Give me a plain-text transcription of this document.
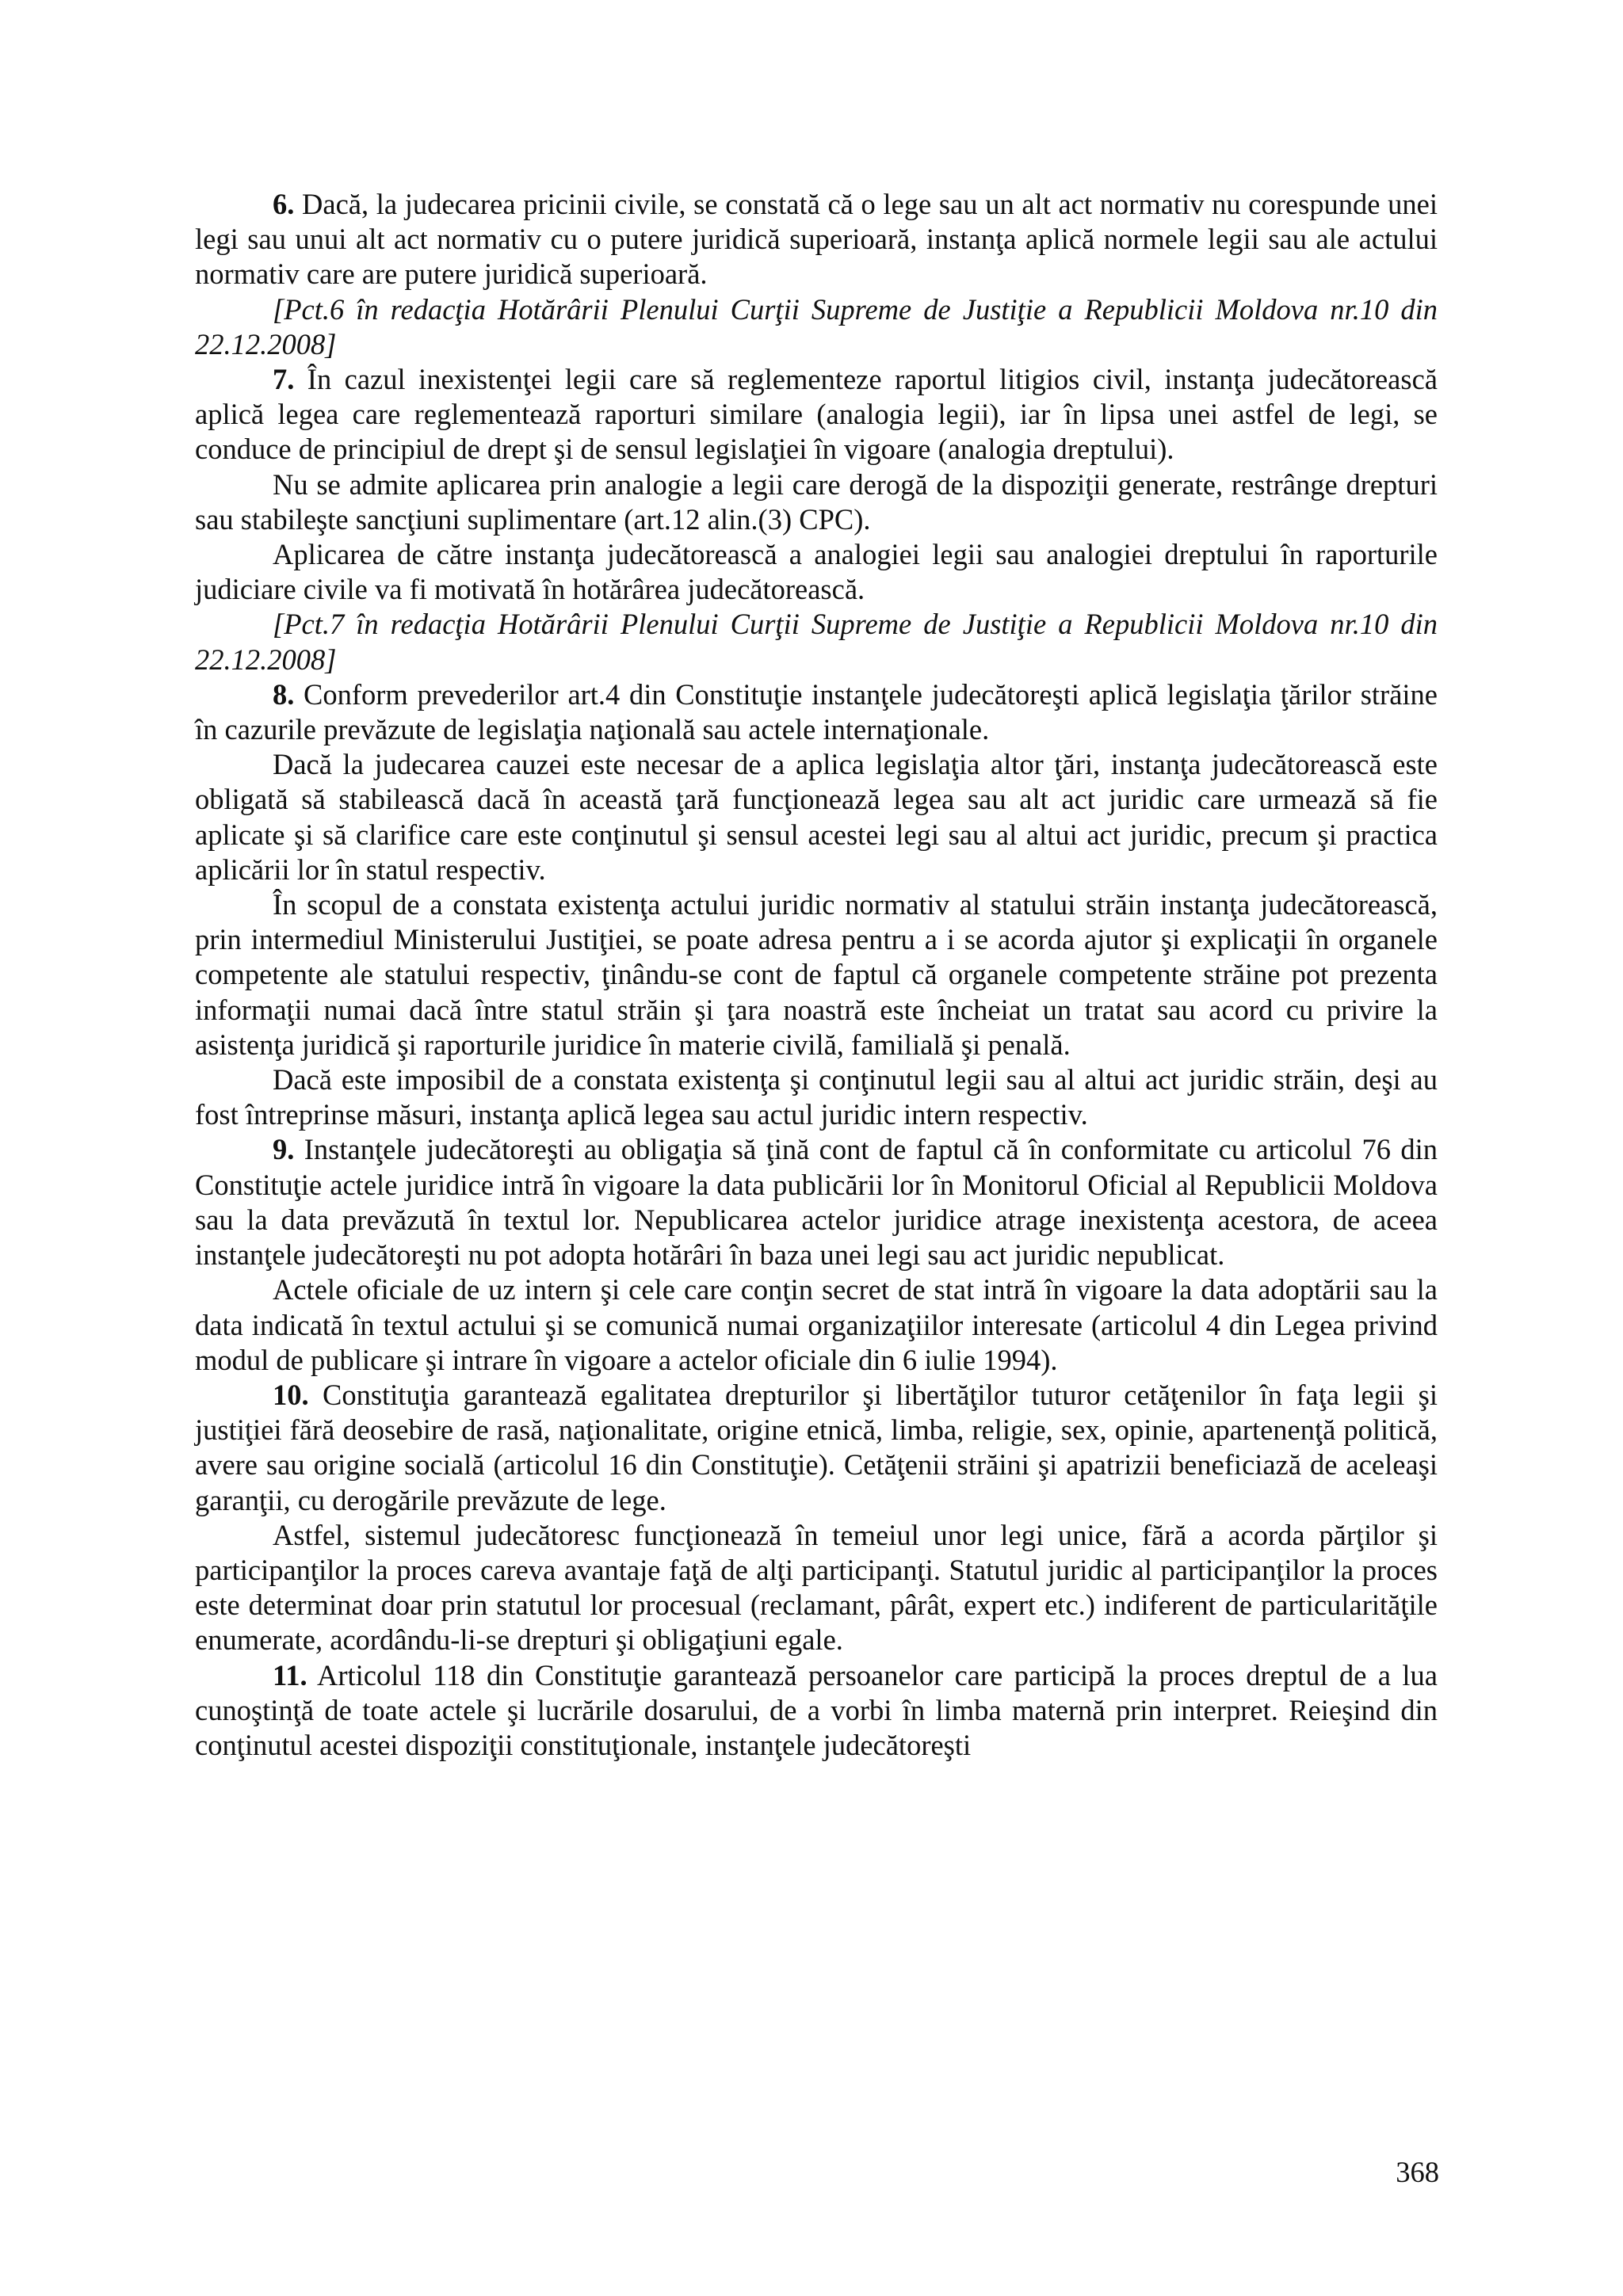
6. Dacă, la judecarea pricinii civile, se constată că o lege sau un alt act normativ nu corespunde unei legi sau unui alt act normativ cu o putere juridică superioară, instanţa aplică normele legii sau ale actului normativ care are putere juridică superioară.

[Pct.6 în redacţia Hotărârii Plenului Curţii Supreme de Justiţie a Republicii Moldova nr.10 din 22.12.2008]

7. În cazul inexistenţei legii care să reglementeze raportul litigios civil, instanţa judecătorească aplică legea care reglementează raporturi similare (analogia legii), iar în lipsa unei astfel de legi, se conduce de principiul de drept şi de sensul legislaţiei în vigoare (analogia dreptului).

Nu se admite aplicarea prin analogie a legii care derogă de la dispoziţii generate, restrânge drepturi sau stabileşte sancţiuni suplimentare (art.12 alin.(3) CPC).

Aplicarea de către instanţa judecătorească a analogiei legii sau analogiei dreptului în raporturile judiciare civile va fi motivată în hotărârea judecătorească.

[Pct.7 în redacţia Hotărârii Plenului Curţii Supreme de Justiţie a Republicii Moldova nr.10 din 22.12.2008]

8. Conform prevederilor art.4 din Constituţie instanţele judecătoreşti aplică legislaţia ţărilor străine în cazurile prevăzute de legislaţia naţională sau actele internaţionale.

Dacă la judecarea cauzei este necesar de a aplica legislaţia altor ţări, instanţa judecătorească este obligată să stabilească dacă în această ţară funcţionează legea sau alt act juridic care urmează să fie aplicate şi să clarifice care este conţinutul şi sensul acestei legi sau al altui act juridic, precum şi practica aplicării lor în statul respectiv.

În scopul de a constata existenţa actului juridic normativ al statului străin instanţa judecătorească, prin intermediul Ministerului Justiţiei, se poate adresa pentru a i se acorda ajutor şi explicaţii în organele competente ale statului respectiv, ţinându-se cont de faptul că organele competente străine pot prezenta informaţii numai dacă între statul străin şi ţara noastră este încheiat un tratat sau acord cu privire la asistenţa juridică şi raporturile juridice în materie civilă, familială şi penală.

Dacă este imposibil de a constata existenţa şi conţinutul legii sau al altui act juridic străin, deşi au fost întreprinse măsuri, instanţa aplică legea sau actul juridic intern respectiv.

9. Instanţele judecătoreşti au obligaţia să ţină cont de faptul că în conformitate cu articolul 76 din Constituţie actele juridice intră în vigoare la data publicării lor în Monitorul Oficial al Republicii Moldova sau la data prevăzută în textul lor. Nepublicarea actelor juridice atrage inexistenţa acestora, de aceea instanţele judecătoreşti nu pot adopta hotărâri în baza unei legi sau act juridic nepublicat.

Actele oficiale de uz intern şi cele care conţin secret de stat intră în vigoare la data adoptării sau la data indicată în textul actului şi se comunică numai organizaţiilor interesate (articolul 4 din Legea privind modul de publicare şi intrare în vigoare a actelor oficiale din 6 iulie 1994).

10. Constituţia garantează egalitatea drepturilor şi libertăţilor tuturor cetăţenilor în faţa legii şi justiţiei fără deosebire de rasă, naţionalitate, origine etnică, limba, religie, sex, opinie, apartenenţă politică, avere sau origine socială (articolul 16 din Constituţie). Cetăţenii străini şi apatrizii beneficiază de aceleaşi garanţii, cu derogările prevăzute de lege.

Astfel, sistemul judecătoresc funcţionează în temeiul unor legi unice, fără a acorda părţilor şi participanţilor la proces careva avantaje faţă de alţi participanţi. Statutul juridic al participanţilor la proces este determinat doar prin statutul lor procesual (reclamant, pârât, expert etc.) indiferent de particularităţile enumerate, acordându-li-se drepturi şi obligaţiuni egale.

11. Articolul 118 din Constituţie garantează persoanelor care participă la proces dreptul de a lua cunoştinţă de toate actele şi lucrările dosarului, de a vorbi în limba maternă prin interpret. Reieşind din conţinutul acestei dispoziţii constituţionale, instanţele judecătoreşti

368
